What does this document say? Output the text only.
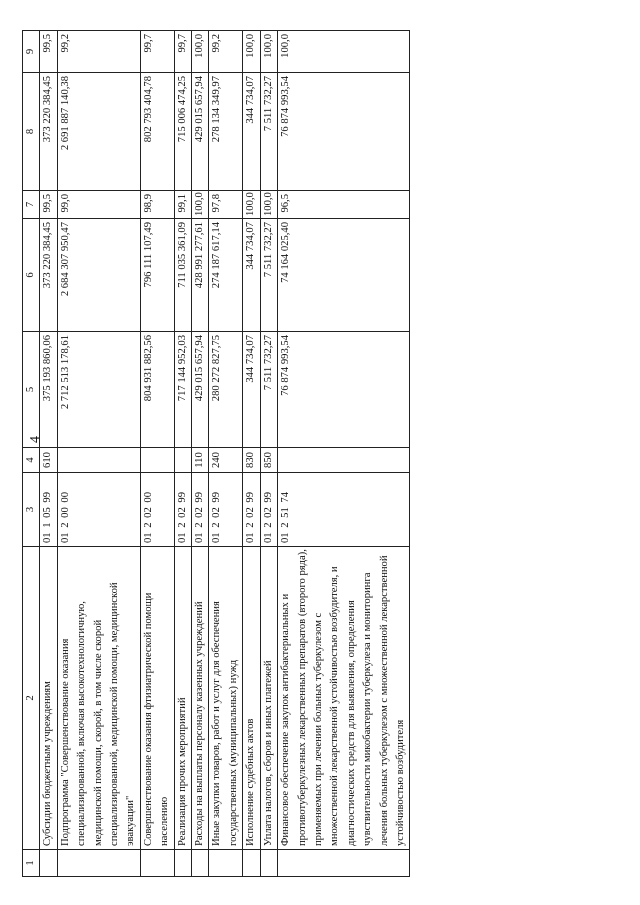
4
1	2	3	4	5	6	7	8	9
	Субсидии бюджетным учреждениям	01 1 05 99	610	375 193 860,06	373 220 384,45	99,5	373 220 384,45	99,5
	Подпрограмма "Совершенствование оказания специализированной, включая высокотехнологичную, медицинской помощи, скорой, в том числе скорой специализированной, медицинской помощи, медицинской эвакуации"	01 2 00 00		2 712 513 178,61	2 684 307 950,47	99,0	2 691 887 140,38	99,2
	Совершенствование оказания фтизиатрической помощи населению	01 2 02 00		804 931 882,56	796 111 107,49	98,9	802 793 404,78	99,7
	Реализация прочих мероприятий	01 2 02 99		717 144 952,03	711 035 361,09	99,1	715 006 474,25	99,7
	Расходы на выплаты персоналу казенных учреждений	01 2 02 99	110	429 015 657,94	428 991 277,61	100,0	429 015 657,94	100,0
	Иные закупки товаров, работ и услуг для обеспечения государственных (муниципальных) нужд	01 2 02 99	240	280 272 827,75	274 187 617,14	97,8	278 134 349,97	99,2
	Исполнение судебных актов	01 2 02 99	830	344 734,07	344 734,07	100,0	344 734,07	100,0
	Уплата налогов, сборов и иных платежей	01 2 02 99	850	7 511 732,27	7 511 732,27	100,0	7 511 732,27	100,0
	Финансовое обеспечение закупок антибактериальных и противотуберкулезных лекарственных препаратов (второго ряда), применяемых при лечении больных туберкулезом с множественной лекарственной устойчивостью возбудителя, и диагностических средств для выявления, определения чувствительности микобактерии туберкулеза и мониторинга лечения больных туберкулезом с множественной лекарственной устойчивостью возбудителя	01 2 51 74		76 874 993,54	74 164 025,40	96,5	76 874 993,54	100,0
